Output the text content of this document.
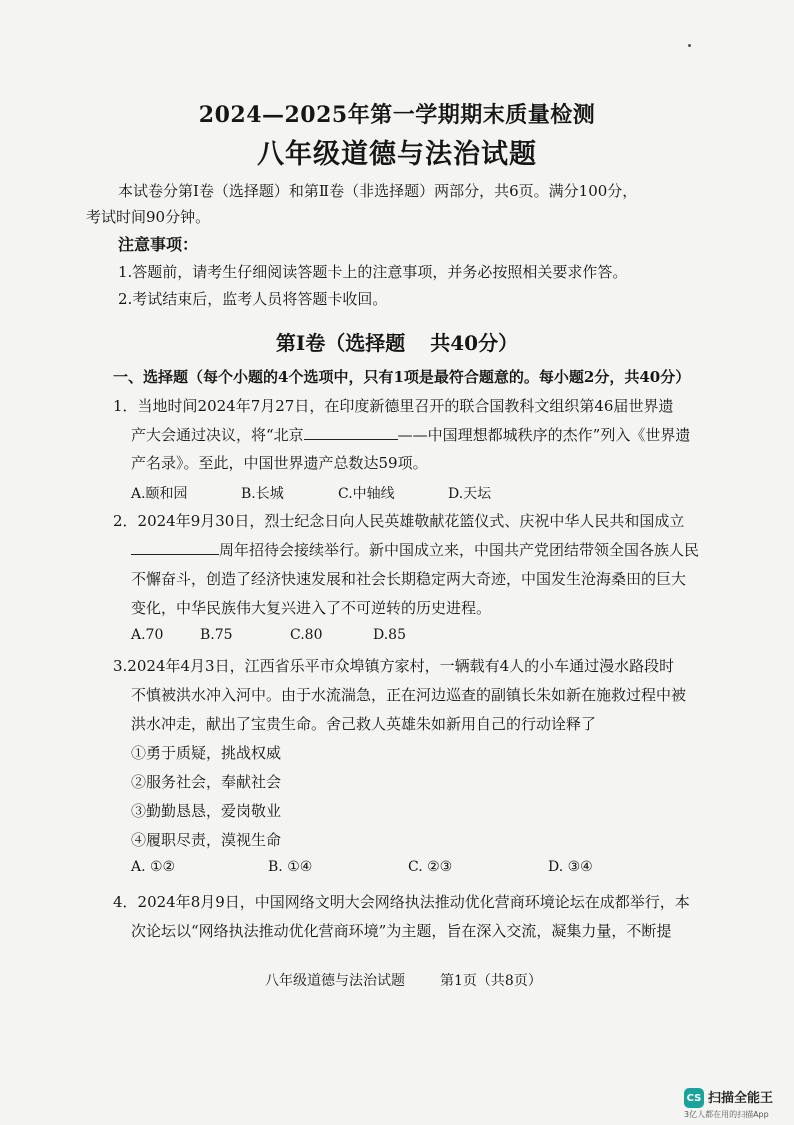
2024—2025年第一学期期末质量检测
八年级道德与法治试题
本试卷分第Ⅰ卷（选择题）和第Ⅱ卷（非选择题）两部分，共6页。满分100分，
考试时间90分钟。
注意事项：
1.答题前，请考生仔细阅读答题卡上的注意事项，并务必按照相关要求作答。
2.考试结束后，监考人员将答题卡收回。
第Ⅰ卷（选择题 共40分）
一、选择题（每个小题的4个选项中，只有1项是最符合题意的。每小题2分，共40分）
1．当地时间2024年7月27日，在印度新德里召开的联合国教科文组织第46届世界遗
产大会通过决议，将“北京	——中国理想都城秩序的杰作”列入《世界遗
产名录》。至此，中国世界遗产总数达59项。
A.颐和园	B.长城	C.中轴线	D.天坛
2．2024年9月30日，烈士纪念日向人民英雄敬献花篮仪式、庆祝中华人民共和国成立
周年招待会接续举行。新中国成立来，中国共产党团结带领全国各族人民
不懈奋斗，创造了经济快速发展和社会长期稳定两大奇迹，中国发生沧海桑田的巨大
变化，中华民族伟大复兴进入了不可逆转的历史进程。
A.70	B.75	C.80	D.85
3.2024年4月3日，江西省乐平市众埠镇方家村，一辆载有4人的小车通过漫水路段时
不慎被洪水冲入河中。由于水流湍急，正在河边巡查的副镇长朱如新在施救过程中被
洪水冲走，献出了宝贵生命。舍己救人英雄朱如新用自己的行动诠释了
①勇于质疑，挑战权威
②服务社会，奉献社会
③勤勤恳恳，爱岗敬业
④履职尽责，漠视生命
A. ①②	B. ①④	C. ②③	D. ③④
4．2024年8月9日，中国网络文明大会网络执法推动优化营商环境论坛在成都举行，本
次论坛以“网络执法推动优化营商环境”为主题，旨在深入交流，凝集力量，不断提
八年级道德与法治试题	第1页（共8页）
CS 扫描全能王
3亿人都在用的扫描App
